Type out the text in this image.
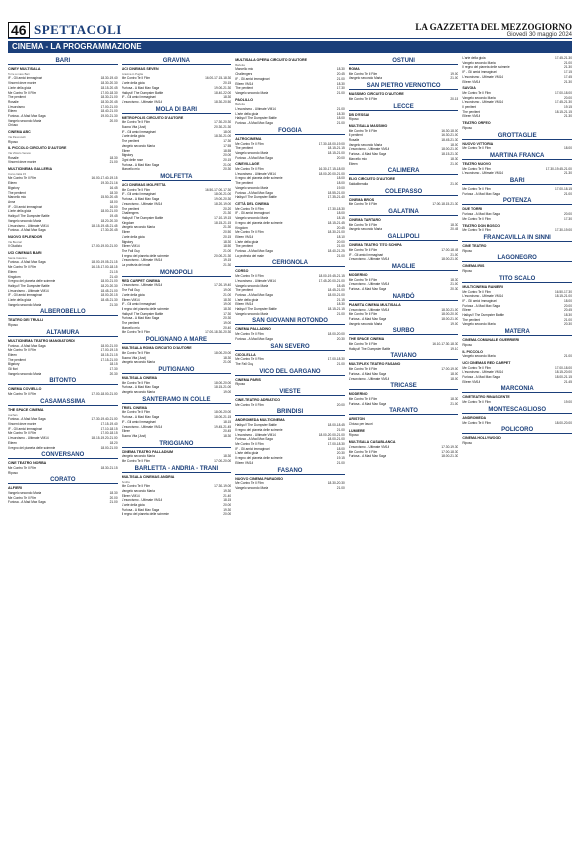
46 SPETTACOLI	LA GAZZETTA DEL MEZZOGIORNO
Giovedì 30 maggio 2024
CINEMA - LA PROGRAMMAZIONE
BARI
CINEY MULTISALA
Torre a mare Bari
IF - Gli amici immaginari	18.30-19.40
Vincent deve morire	18.30-20.30
L'arte della gioia	18.15-20.45
Me Contro Te Il Film	17.00-18.30
The penitent	18.30-21.00
Rosalie	18.30-20.45
L'esorcismo	17.00-21.00
Eileen	18.40-21.00
Furiosa - A Mad Max Saga	19.00-21.30
Vangelo secondo Maria	20.00
Chiuso
CINEMA ABC
Via Pavoncelli
Riposo
IL PICCOLO CIRCUITO D'AUTORE
Via Vittorio Veneto
Rosalie	18.30
Vincent deve morire	21.00
MULTICINEMA GALLERIA
Corso Italia 15
Me Contro Te Il Film	16.00-17.40-19.15
Eileen	19.30-21.16
Bigstory	16.45
The penitent	18.30
Marcello mio	15.50-20.45
Anna	18.00
IF - Gli amici immaginari	16.00
L'arte della gioia	18.00-21.00
Haikyu!! The Dumpster Battle	19.45
Vangelo secondo Maria	18.20-20.30
L'esorcismo - Ultimate VM14	18.15-19.45-21.45
Furiosa - A Mad Max Saga	17.30-20.45
NUOVO SPLENDOR
Via Buccari
Il Giudizio	17.00-19.00-21.00
UCI CINEMAS BARI
Santa Caterina
Furiosa - A Mad Max Saga	18.00-19.05-21.15
Me Contro Te Il Film	16.15-17.00-18.15
Eileen	21.15
Kingdom	21.40
Il regno del pianeta delle scimmie	18.00-21.00
Haikyu!! The Dumpster Battle	18.20-20.30
L'esorcismo - Ultimate VM14	18.45-21.00
IF - Gli amici immaginari	18.00-20.15
L'arte della gioia	18.45-21.30
Vangelo secondo Maria	21.30
ALBEROBELLO
TEATRO DEI TRULLI
Riposo
ALTAMURA
MULTICINEMA TEATRO MANGIATORDI
Furiosa - A Mad Max Saga	18.00-21.00
Me Contro Te Il Film	17.00-19.15
Eileen	18.15-21.15
The penitent	17.15-21.00
Bigstory	18.15
Gli fiori	17.30
Vangelo secondo Maria	20.30
BITONTO
CINEMA COVIELLO
Me Contro Te Il Film	17.00-18.00-21.00
CASAMASSIMA
THE SPACE CINEMA
Auchan
Furiosa - A Mad Max Saga	17.30-19.40-21.00
Vincent deve morire	17.15-19.40
IF - Gli amici immaginari	17.10-18.15
Me Contro Te Il Film	17.00-18.15
L'esorcismo - Ultimate VM14	18.15-19.20-21.00
Eileen	18.20
Il regno del pianeta delle scimmie	18.00-21.00
CONVERSANO
CINE TEATRO NORBA
Me Contro Te Il Film	18.30-21.15
Riposo
CORATO
ALFIERI
Vangelo secondo Maria	18.30
Me Contro Te Il Film	20.00
Furiosa - A Mad Max Saga	21.00
GRAVINA
UCI CINEMAS SEVEN
Gravina in Puglia
Me Contro Te Il Film	16.00-17.15-18.30
L'arte della gioia	20.15
Furiosa - A Mad Max Saga	19.00-21.30
Haikyu!! The Dumpster Battle	18.40-22.00
IF - Gli amici immaginari	18.30
L'esorcismo - Ultimate VM14	18.30-20.50
MOLA DI BARI
METROPOLIS CIRCUITO D'AUTORE
Me Contro Te Il Film	17.30-20.30
Buona Vita (Just)	20.30-21.30
IF - Gli amici immaginari	18.00
L'arte della gioia	18.30-21.00
The penitent	17.30
Vangelo secondo Maria	17.55
Eileen	18.55
Bigstory	20.00
Ogni delle rose	20.15
Furiosa - A Mad Max Saga	21.00
Marcello mio	20.30
MOLFETTA
UCI CINEMAS MOLFETTA
Me Contro Te Il Film	16.50-17.00-17.30
IF - Gli amici immaginari	18.00-21.00
Furiosa - A Mad Max Saga	19.00-20.30
L'esorcismo - Ultimate VM14	18.20-19.00
The penitent	20.20
Challengers	21.30
Haikyu!! The Dumpster Battle	17.10-19.15
Kingdom	18.15-21.15
Vangelo secondo Maria	21.30
Eileen	20.50
L'arte della gioia	20.15
Bigstory	18.30
Eileen VM14	18.50
The Fall Guy	21.00
Il regno del pianeta delle scimmie	20.00-21.30
L'esorcismo - Ultimate VM14	19.15
La profezia del male	21.30
MONOPOLI
RED CARPET CINEMA
L'esorcismo - Ultimate VM14	17.20-19.40
The Fall Guy	19.00
L'arte della gioia	21.00
Eileen VM14	18.30
IF - Gli amici immaginari	19.00
Il regno del pianeta delle scimmie	18.30
Haikyu!! The Dumpster Battle	17.30
Furiosa - A Mad Max Saga	20.30
The penitent	19.00
Marcello mio	20.40
Me Contro Te Il Film	17.00-18.30-20.30
POLIGNANO A MARE
MULTISALA ROMA CIRCUITO D'AUTORE
Me Contro Te Il Film	18.00-20.00
Buona Vita (Just)	18.30
Vangelo secondo Maria	21.00
PUTIGNANO
MULTISALA CINEMA
Me Contro Te Il Film	18.00-20.00
Furiosa - A Mad Max Saga	18.15-21.00
Vangelo secondo Maria	19.00
SANTERAMO IN COLLE
TRIEL CINEMA
Me Contro Te Il Film	18.00-20.00
Furiosa - A Mad Max Saga	18.00-21.15
IF - Gli amici immaginari	18.15
L'esorcismo - Ultimate VM14	19.45-21.45
Eileen	20.45
Buona Vita (Just)	18.30
TRIGGIANO
CINEMA TEATRO PALLADIUM
Vangelo secondo Maria	18.30
Me Contro Te Il Film	17.00-20.00
BARLETTA - ANDRIA - TRANI
MULTISALA CINEMAS ANDRIA
Andria
Me Contro Te Il Film	17.30-19.00
Vangelo secondo Maria	19.30
Eileen VM14	21.40
L'esorcismo - Ultimate VM14	18.15
L'arte della gioia	20.00
Furiosa - A Mad Max Saga	19.30
Il regno del pianeta delle scimmie	20.00
MULTISALA OPERA CIRCUITO D'AUTORE
Barletta
Marcello mio	18.30
Challengers	20.45
IF - Gli amici immaginari	21.00
Eileen VM14	18.30
The penitent	17.30
Vangelo secondo Maria	21.00
PAOLILLO
Barletta
L'esorcismo - Ultimate VM14	21.00
L'arte della gioia	18.30
Haikyu!! The Dumpster Battle	18.00
Furiosa - A Mad Max Saga	21.00
FOGGIA
ALTROCINEMA
Me Contro Te Il Film	17.30-18.00-19.00
The penitent	18.15-21.15
Vangelo secondo Maria	18.15-21.00
Furiosa - A Mad Max Saga	20.00
CINEVILLAGE
Me Contro Te Il Film	16.30-17.15-18.00
L'esorcismo - Ultimate VM14	18.00-20.00-21.00
Il regno del pianeta delle scimmie	18.00
The penitent	18.00
Vangelo secondo Maria	19.00
Furiosa - A Mad Max Saga	18.55-21.00
Haikyu!! The Dumpster Battle	17.35-21.40
CITTÀ DEL CINEMA
Me Contro Te Il Film	17.30-18.30
IF - Gli amici immaginari	18.00
Vangelo secondo Maria	18.15
Il regno del pianeta delle scimmie	18.15-21.45
Kingdom	20.45
Me Contro Te Il Film	18.30-21.00
Eileen VM14	18.10
L'arte della gioia	20.00
The penitent	21.00
Furiosa - A Mad Max Saga	18.40-21.25
La profezia del male	21.00
CERIGNOLA
CORSO
Me Contro Te Il Film	18.00-19.45-21.15
L'esorcismo - Ultimate VM14	17.45-20.00-21.00
Vangelo secondo Maria	18.45
The penitent	18.45-21.00
Furiosa - A Mad Max Saga	18.00-21.00
L'arte della gioia	21.15
Eileen VM14	18.30
Haikyu!! The Dumpster Battle	18.15-21.15
Vangelo secondo Maria	21.00
SAN GIOVANNI ROTONDO
CINEMA PALLADINO
Me Contro Te Il Film	18.00-20.00
Furiosa - A Mad Max Saga	20.30
SAN SEVERO
CICOLELLA
Me Contro Te Il Film	17.00-18.30
The Fall Guy	21.00
VICO DEL GARGANO
CINEMA PARIS
Riposo
VIESTE
CINE-TEATRO ADRIATICO
Me Contro Te Il Film	20.00
BRINDISI
ANDROMEDA MULTICINEMA
Haikyu!! The Dumpster Battle	18.00-18.45
Il regno del pianeta delle scimmie	21.00
L'esorcismo - Ultimate VM14	18.00-20.00-21.00
Furiosa - A Mad Max Saga	18.00-21.00
Me Contro Te Il Film	17.00-18.30
IF - Gli amici immaginari	18.00
L'arte della gioia	20.30
Il regno del pianeta delle scimmie	19.15
Eileen VM14	21.00
FASANO
NUOVO CINEMA PARADISO
Me Contro Te Il Film	18.30-20.30
Vangelo secondo Maria	21.00
OSTUNI
ROMA
Me Contro Te Il Film	19.00
Vangelo secondo Maria	21.00
SAN PIETRO VERNOTICO
MASSIMO CIRCUITO D'AUTORE
Me Contro Te Il Film	20.15
LECCE
DB D'ESSAI
Riposo
MULTISALA MASSIMO
Me Contro Te Il Film	16.30-18.00
Il penitent	16.30-21.00
Rosalie	18.45-21.30
Vangelo secondo Maria	18.00
L'esorcismo - Ultimate VM14	18.00-21.00
Furiosa - A Mad Max Saga	18.15-21.30
Marcello mio	18.30
Eileen	21.00
CALIMERA
ELIO CIRCUITO D'AUTORE
Saldaliberalia	21.00
COLEPASSO
CINEMA BROS
Me Contro Te Il Film	17.00-18.15-21.30
GALATINA
CINEMA TARTARO
Me Contro Te Il Film	18.30
Vangelo secondo Maria	20.45
GALLIPOLI
CINEMA TEATRO TITO SCHIPA
Me Contro Te Il Film	17.00-18.45
IF - Gli amici immaginari	21.00
L'esorcismo - Ultimate VM14	18.00-21.00
MAGLIE
MODERNO
Me Contro Te Il Film	18.30
L'esorcismo - Ultimate VM14	21.00
Furiosa - A Mad Max Saga	20.30
NARDÒ
PIANETA CINEMA MULTISALA
L'esorcismo - Ultimate VM14	18.30-21.00
Me Contro Te Il Film	18.00-20.00
Furiosa - A Mad Max Saga	18.00-21.00
Vangelo secondo Maria	19.00
SURBO
THE SPACE CINEMA
Me Contro Te Il Film	16.10-17.30-18.30
Haikyu!! The Dumpster Battle	19.10
TAVIANO
MULTIPLEX TEATRO FASANO
Me Contro Te Il Film	17.00-19.00
Furiosa - A Mad Max Saga	18.00
L'esorcismo - Ultimate VM14	18.00
TRICASE
MODERNO
Me Contro Te Il Film	18.30
Furiosa - A Mad Max Saga	21.00
TARANTO
ARISTON
Chiuso per lavori
LUMIERE
Riposo
MULTISALA CASABLANCA
L'esorcismo - Ultimate VM14	17.30-19.30
Me Contro Te Il Film	17.00-18.30
Furiosa - A Mad Max Saga	18.00-21.30
L'arte della gioia	17.45-21.30
Vangelo secondo Maria	21.00
Il regno del pianeta delle scimmie	21.30
IF - Gli amici immaginari	17.15
L'esorcismo - Ultimate VM14	17.45
Eileen VM14	21.30
SAVOIA
Me Contro Te Il Film	17.00-18.00
Vangelo secondo Maria	20.00
L'esorcismo - Ultimate VM14	17.45-21.30
Il penitent	19.15
The penitent	18.15-21.15
Eileen VM14	21.30
TEATRO ORFEO
Riposo
GROTTAGLIE
NUOVO VITTORIA
Me Contro Te Il Film	18.00
MARTINA FRANCA
TEATRO NUOVO
Me Contro Te Il Film	17.30-19.45-21.00
L'esorcismo - Ultimate VM14	21.30
BARI
Me Contro Te Il Film	17.00-18.15
Furiosa - A Mad Max Saga	21.00
POTENZA
DUE TORRI
Furiosa - A Mad Max Saga	20.00
Me Contro Te Il Film	17.30
TEATRO DON BOSCO
Me Contro Te Il Film	17.30-19.00
FRANCAVILLA IN SINNI
CINE TEATRO
Riposo
LAGONEGRO
CINEMA IRIS
Riposo
TITO SCALO
MULTICINEMA RANIERI
Me Contro Te Il Film	16.50-17.30
L'esorcismo - Ultimate VM14	18.15-21.00
IF - Gli amici immaginari	18.00
Furiosa - A Mad Max Saga	20.00
Eileen	20.45
Haikyu!! The Dumpster Battle	18.30
The penitent	21.00
Vangelo secondo Maria	20.30
MATERA
CINEMA COMUNALE GUERRIERI
Riposo
IL PICCOLO
Vangelo secondo Maria	21.00
UCI CINEMAS RED CARPET
Me Contro Te Il Film	17.00-18.00
L'esorcismo - Ultimate VM14	18.15-20.00
Furiosa - A Mad Max Saga	18.00-21.15
Eileen VM14	21.45
MARCONIA
CINETEATRO RINASCENTE
Me Contro Te Il Film	19.00
MONTESCAGLIOSO
ANDROMEDA
Me Contro Te Il Film	18.00-20.00
POLICORO
CINEMA HOLLYWOOD
Riposo
